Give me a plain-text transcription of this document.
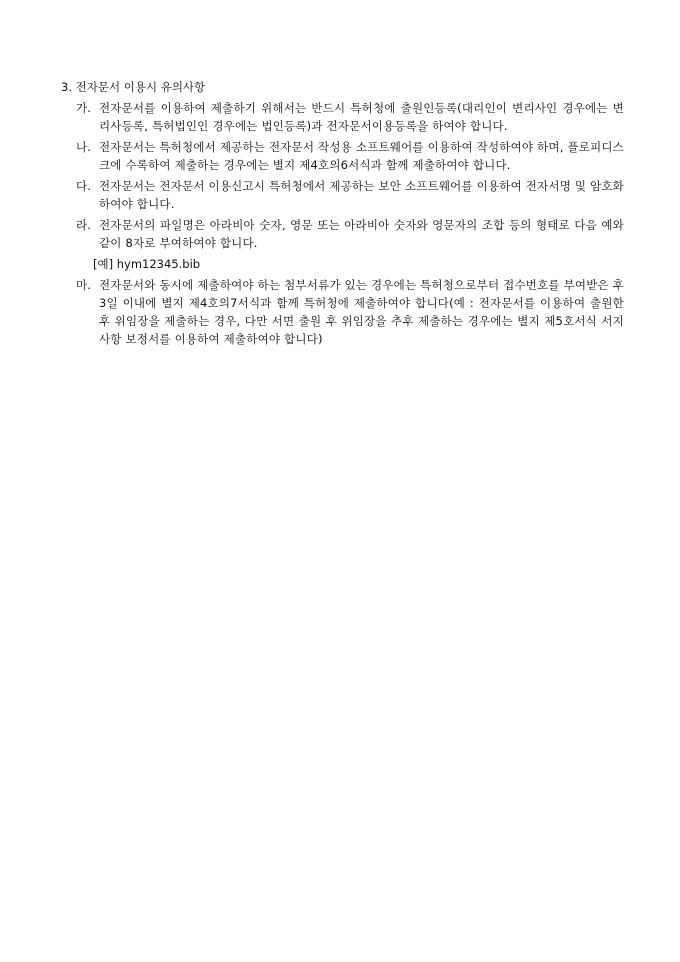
3. 전자문서 이용시 유의사항
가. 전자문서를 이용하여 제출하기 위해서는 반드시 특허청에 출원인등록(대리인이 변리사인 경우에는 변리사등록, 특허법인인 경우에는 법인등록)과 전자문서이용등록을 하여야 합니다.
나. 전자문서는 특허청에서 제공하는 전자문서 작성용 소프트웨어를 이용하여 작성하여야 하며, 플로피디스크에 수록하여 제출하는 경우에는 별지 제4호의6서식과 함께 제출하여야 합니다.
다. 전자문서는 전자문서 이용신고시 특허청에서 제공하는 보안 소프트웨어를 이용하여 전자서명 및 암호화하여야 합니다.
라. 전자문서의 파일명은 아라비아 숫자, 영문 또는 아라비아 숫자와 영문자의 조합 등의 형태로 다음 예와 같이 8자로 부여하여야 합니다.
[예] hym12345.bib
마. 전자문서와 동시에 제출하여야 하는 첨부서류가 있는 경우에는 특허청으로부터 접수번호를 부여받은 후 3일 이내에 별지 제4호의7서식과 함께 특허청에 제출하여야 합니다(예 : 전자문서를 이용하여 출원한 후 위임장을 제출하는 경우, 다만 서면 출원 후 위임장을 추후 제출하는 경우에는 별지 제5호서식 서지사항 보정서를 이용하여 제출하여야 합니다)
